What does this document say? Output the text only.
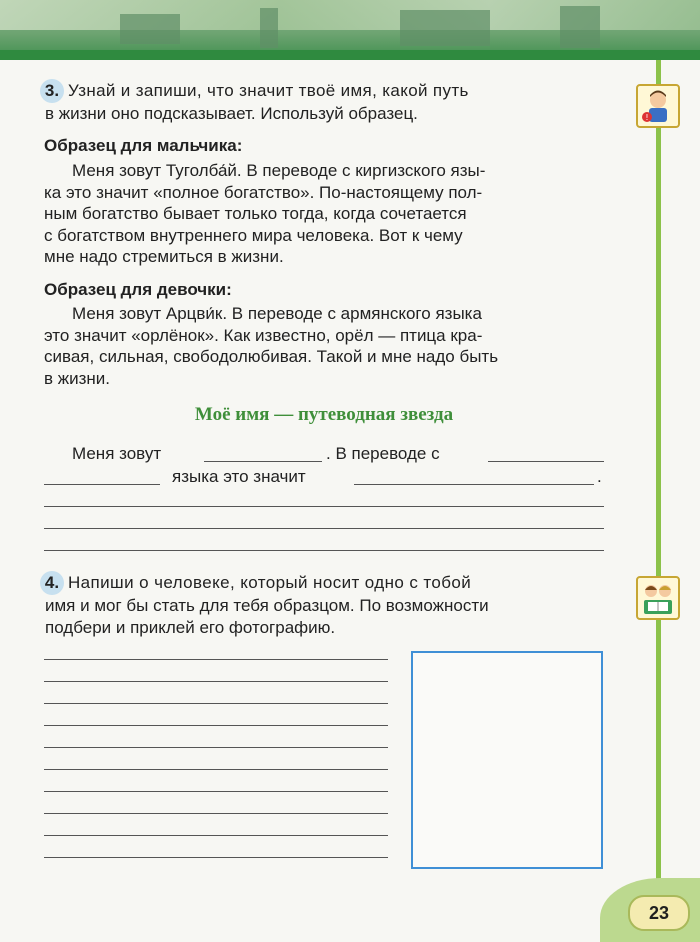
!
3. Узнай и запиши, что значит твоё имя, какой путь
в жизни оно подсказывает. Используй образец.
Образец для мальчика:
Меня зовут Туголба́й. В переводе с киргизского язы-
ка это значит «полное богатство». По-настоящему пол-
ным богатство бывает только тогда, когда сочетается
с богатством внутреннего мира человека. Вот к чему
мне надо стремиться в жизни.
Образец для девочки:
Меня зовут Арцви́к. В переводе с армянского языка
это значит «орлёнок». Как известно, орёл — птица кра-
сивая, сильная, свободолюбивая. Такой и мне надо быть
в жизни.
Моё имя — путеводная звезда
Меня зовут	. В переводе с
языка это значит	.
4. Напиши о человеке, который носит одно с тобой
имя и мог бы стать для тебя образцом. По возможности
подбери и приклей его фотографию.
23
